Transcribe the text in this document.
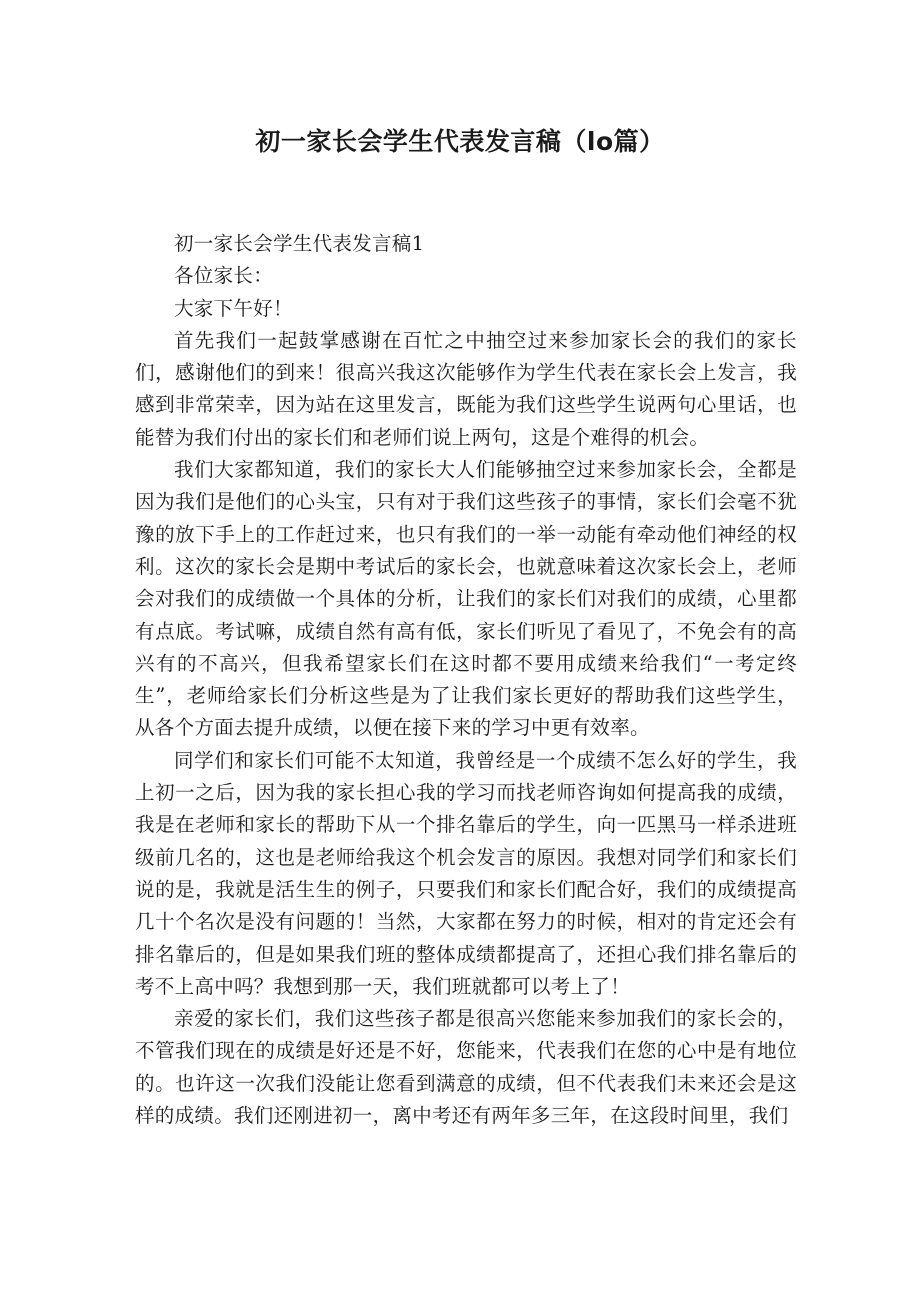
初一家长会学生代表发言稿（lo篇）

初一家长会学生代表发言稿1

各位家长：

大家下午好！

首先我们一起鼓掌感谢在百忙之中抽空过来参加家长会的我们的家长们，感谢他们的到来！很高兴我这次能够作为学生代表在家长会上发言，我感到非常荣幸，因为站在这里发言，既能为我们这些学生说两句心里话，也能替为我们付出的家长们和老师们说上两句，这是个难得的机会。

我们大家都知道，我们的家长大人们能够抽空过来参加家长会，全都是因为我们是他们的心头宝，只有对于我们这些孩子的事情，家长们会毫不犹豫的放下手上的工作赶过来，也只有我们的一举一动能有牵动他们神经的权利。这次的家长会是期中考试后的家长会，也就意味着这次家长会上，老师会对我们的成绩做一个具体的分析，让我们的家长们对我们的成绩，心里都有点底。考试嘛，成绩自然有高有低，家长们听见了看见了，不免会有的高兴有的不高兴，但我希望家长们在这时都不要用成绩来给我们“一考定终生”，老师给家长们分析这些是为了让我们家长更好的帮助我们这些学生，从各个方面去提升成绩，以便在接下来的学习中更有效率。

同学们和家长们可能不太知道，我曾经是一个成绩不怎么好的学生，我上初一之后，因为我的家长担心我的学习而找老师咨询如何提高我的成绩，我是在老师和家长的帮助下从一个排名靠后的学生，向一匹黑马一样杀进班级前几名的，这也是老师给我这个机会发言的原因。我想对同学们和家长们说的是，我就是活生生的例子，只要我们和家长们配合好，我们的成绩提高几十个名次是没有问题的！当然，大家都在努力的时候，相对的肯定还会有排名靠后的，但是如果我们班的整体成绩都提高了，还担心我们排名靠后的考不上高中吗？我想到那一天，我们班就都可以考上了！

亲爱的家长们，我们这些孩子都是很高兴您能来参加我们的家长会的，不管我们现在的成绩是好还是不好，您能来，代表我们在您的心中是有地位的。也许这一次我们没能让您看到满意的成绩，但不代表我们未来还会是这样的成绩。我们还刚进初一，离中考还有两年多三年，在这段时间里，我们
